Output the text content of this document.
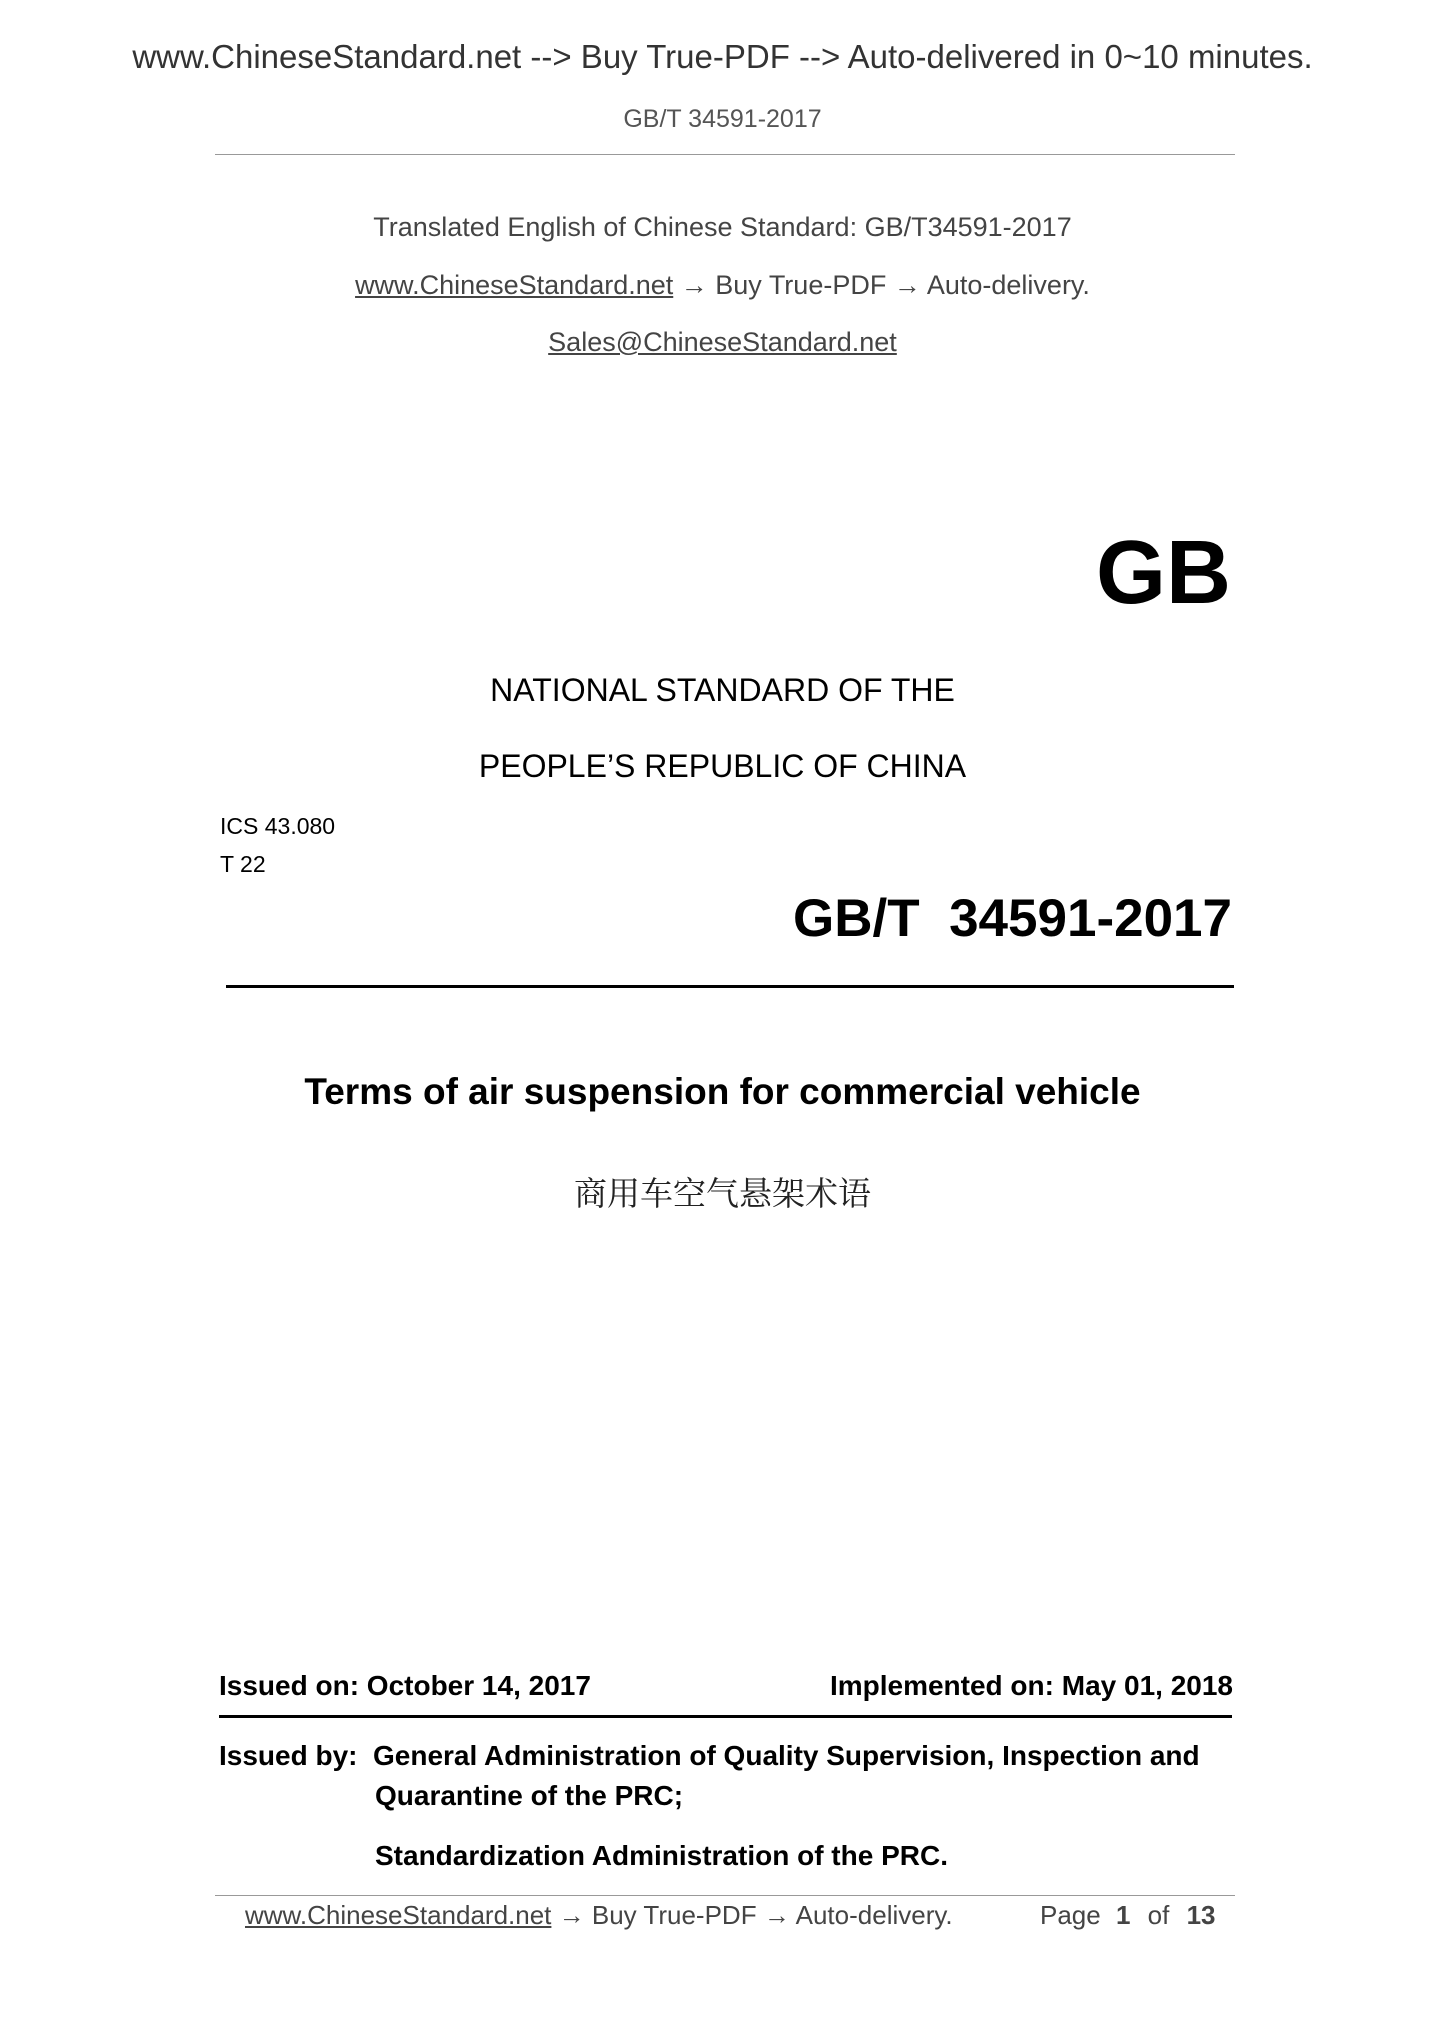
www.ChineseStandard.net --> Buy True-PDF --> Auto-delivered in 0~10 minutes.
GB/T 34591-2017
Translated English of Chinese Standard: GB/T34591-2017
www.ChineseStandard.net → Buy True-PDF → Auto-delivery.
Sales@ChineseStandard.net
GB
NATIONAL STANDARD OF THE
PEOPLE’S REPUBLIC OF CHINA
ICS 43.080
T 22
GB/T  34591-2017
Terms of air suspension for commercial vehicle
商用车空气悬架术语
Issued on: October 14, 2017	Implemented on: May 01, 2018
Issued by: General Administration of Quality Supervision, Inspection and
Quarantine of the PRC;
Standardization Administration of the PRC.
www.ChineseStandard.net → Buy True-PDF → Auto-delivery.	Page 1 of 13
